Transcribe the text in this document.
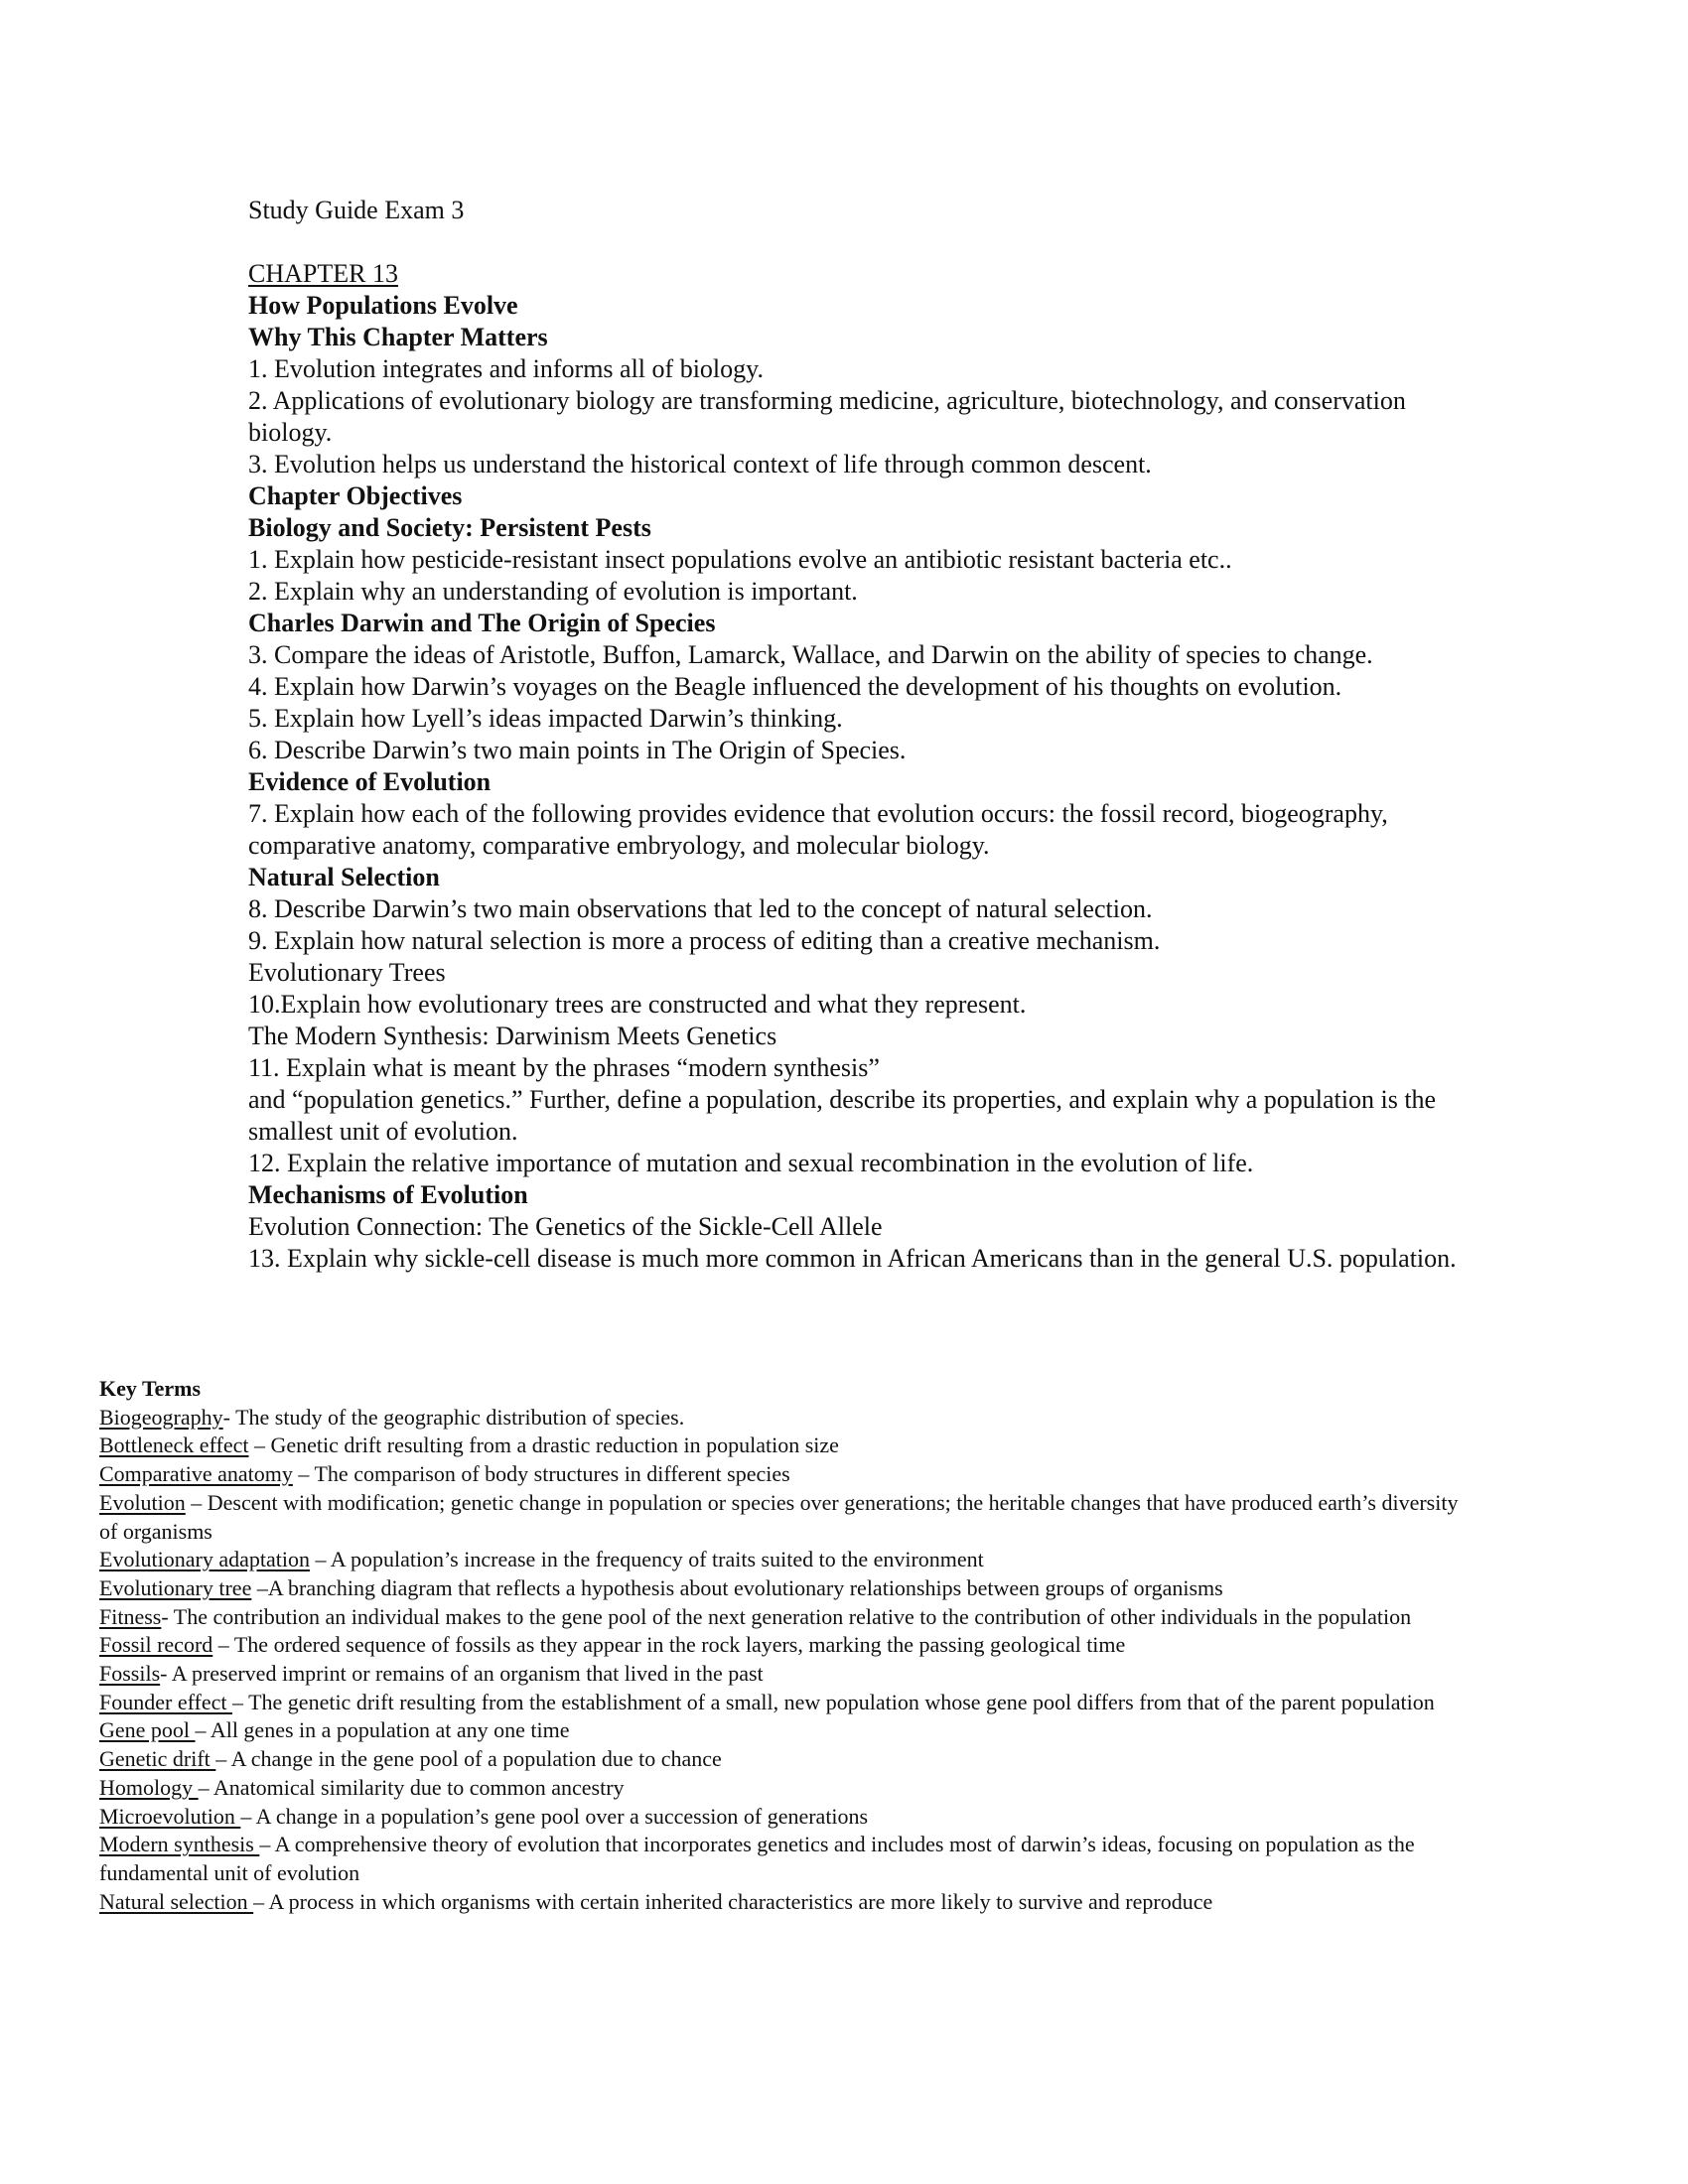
Study Guide Exam 3
CHAPTER 13
How Populations Evolve
Why This Chapter Matters
1. Evolution integrates and informs all of biology.
2. Applications of evolutionary biology are transforming medicine, agriculture, biotechnology, and conservation biology.
3. Evolution helps us understand the historical context of life through common descent.
Chapter Objectives
Biology and Society: Persistent Pests
1. Explain how pesticide-resistant insect populations evolve an antibiotic resistant bacteria etc..
2. Explain why an understanding of evolution is important.
Charles Darwin and The Origin of Species
3. Compare the ideas of Aristotle, Buffon, Lamarck, Wallace, and Darwin on the ability of species to change.
4. Explain how Darwin’s voyages on the Beagle influenced the development of his thoughts on evolution.
5. Explain how Lyell’s ideas impacted Darwin’s thinking.
6. Describe Darwin’s two main points in The Origin of Species.
Evidence of Evolution
7. Explain how each of the following provides evidence that evolution occurs: the fossil record, biogeography, comparative anatomy, comparative embryology, and molecular biology.
Natural Selection
8. Describe Darwin’s two main observations that led to the concept of natural selection.
9. Explain how natural selection is more a process of editing than a creative mechanism.
Evolutionary Trees
10.Explain how evolutionary trees are constructed and what they represent.
The Modern Synthesis: Darwinism Meets Genetics
11. Explain what is meant by the phrases “modern synthesis”
and “population genetics.” Further, define a population, describe its properties, and explain why a population is the smallest unit of evolution.
12. Explain the relative importance of mutation and sexual recombination in the evolution of life.
Mechanisms of Evolution
Evolution Connection: The Genetics of the Sickle-Cell Allele
13. Explain why sickle-cell disease is much more common in African Americans than in the general U.S. population.
Key Terms
Biogeography- The study of the geographic distribution of species.
Bottleneck effect – Genetic drift resulting from a drastic reduction in population size
Comparative anatomy – The comparison of body structures in different species
Evolution – Descent with modification; genetic change in population or species over generations; the heritable changes that have produced earth’s diversity of organisms
Evolutionary adaptation – A population’s increase in the frequency of traits suited to the environment
Evolutionary tree –A branching diagram that reflects a hypothesis about evolutionary relationships between groups of organisms
Fitness- The contribution an individual makes to the gene pool of the next generation relative to the contribution of other individuals in the population
Fossil record – The ordered sequence of fossils as they appear in the rock layers, marking the passing geological time
Fossils- A preserved imprint or remains of an organism that lived in the past
Founder effect – The genetic drift resulting from the establishment of a small, new population whose gene pool differs from that of the parent population
Gene pool – All genes in a population at any one time
Genetic drift – A change in the gene pool of a population due to chance
Homology – Anatomical similarity due to common ancestry
Microevolution – A change in a population’s gene pool over a succession of generations
Modern synthesis – A comprehensive theory of evolution that incorporates genetics and includes most of darwin’s ideas, focusing on population as the fundamental unit of evolution
Natural selection – A process in which organisms with certain inherited characteristics are more likely to survive and reproduce
